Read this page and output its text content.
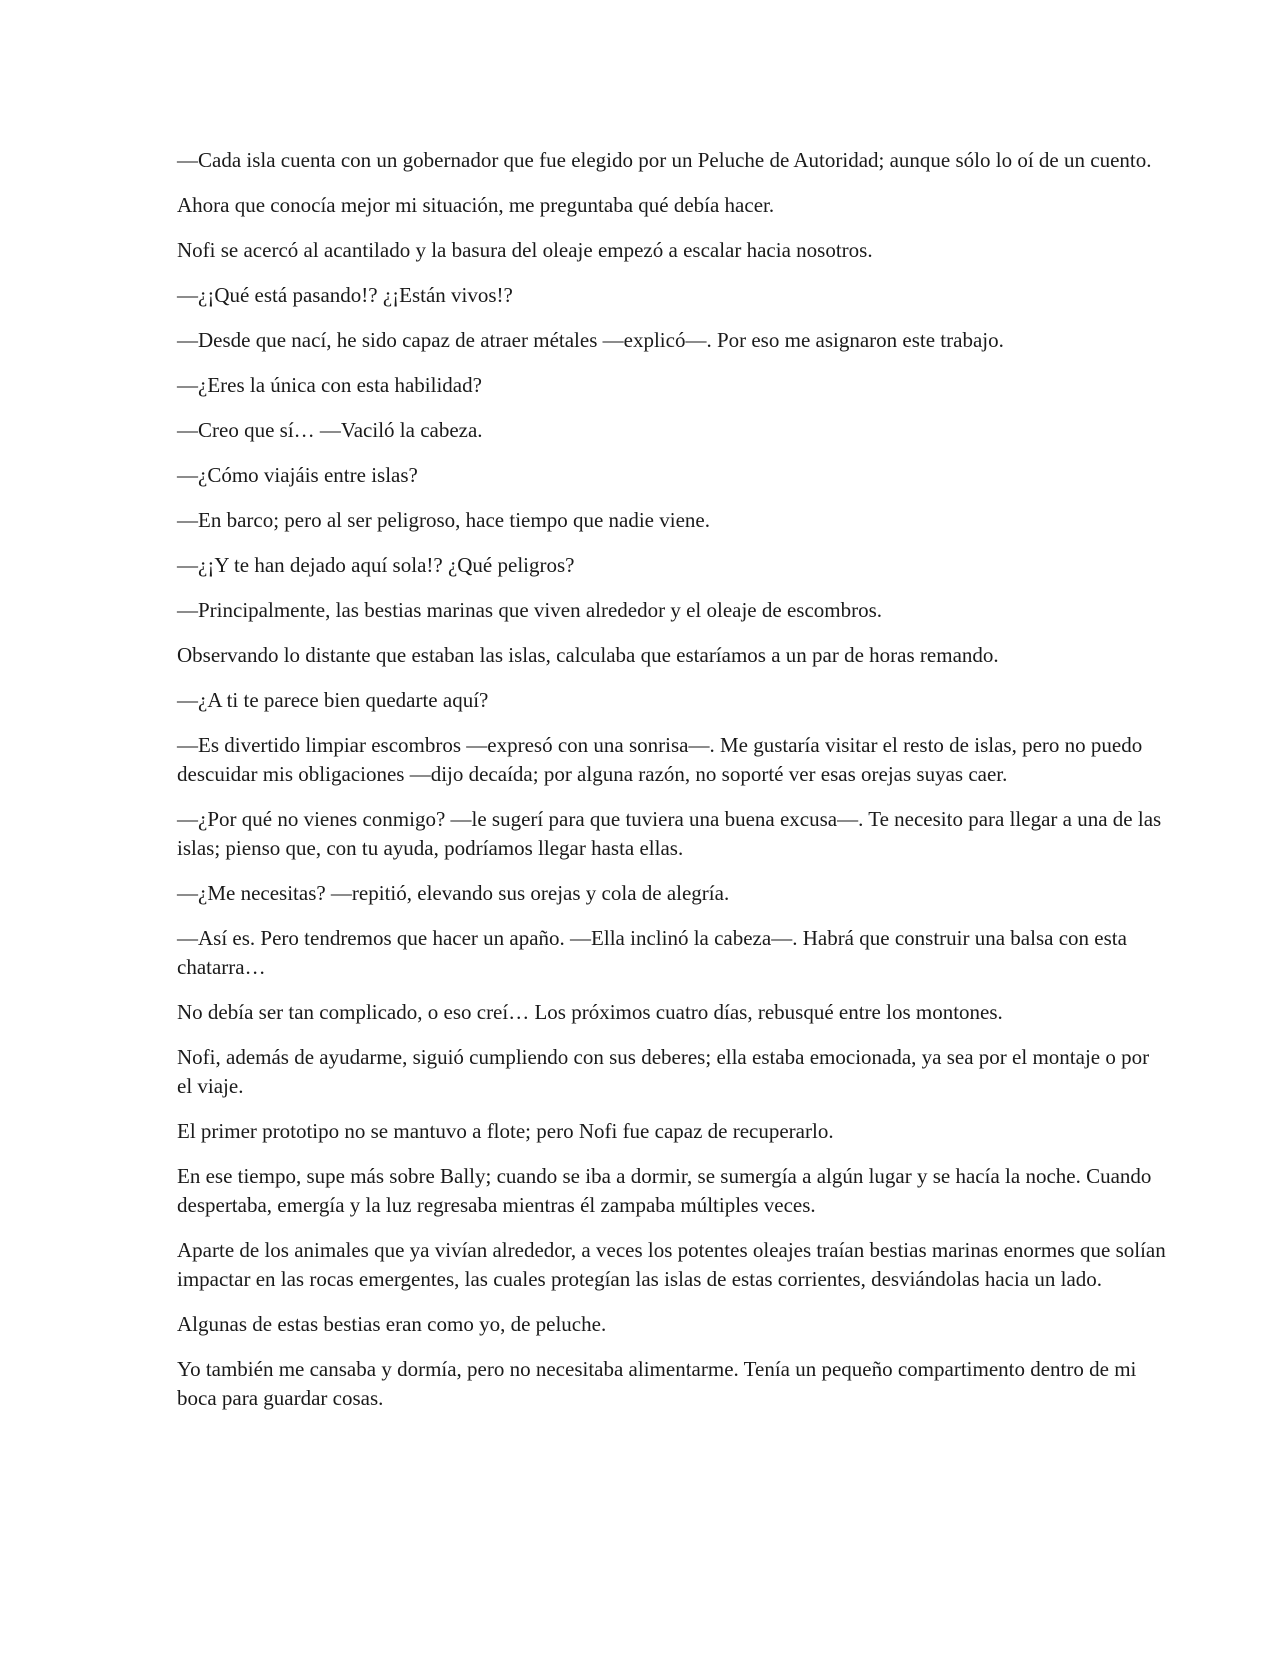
—Cada isla cuenta con un gobernador que fue elegido por un Peluche de Autoridad; aunque sólo lo oí de un cuento.

Ahora que conocía mejor mi situación, me preguntaba qué debía hacer.

Nofi se acercó al acantilado y la basura del oleaje empezó a escalar hacia nosotros.

—¿¡Qué está pasando!? ¿¡Están vivos!?

—Desde que nací, he sido capaz de atraer métales —explicó—. Por eso me asignaron este trabajo.

—¿Eres la única con esta habilidad?

—Creo que sí… —Vaciló la cabeza.

—¿Cómo viajáis entre islas?

—En barco; pero al ser peligroso, hace tiempo que nadie viene.

—¿¡Y te han dejado aquí sola!? ¿Qué peligros?

—Principalmente, las bestias marinas que viven alrededor y el oleaje de escombros.

Observando lo distante que estaban las islas, calculaba que estaríamos a un par de horas remando.

—¿A ti te parece bien quedarte aquí?

—Es divertido limpiar escombros —expresó con una sonrisa—. Me gustaría visitar el resto de islas, pero no puedo descuidar mis obligaciones —dijo decaída; por alguna razón, no soporté ver esas orejas suyas caer.

—¿Por qué no vienes conmigo? —le sugerí para que tuviera una buena excusa—. Te necesito para llegar a una de las islas; pienso que, con tu ayuda, podríamos llegar hasta ellas.

—¿Me necesitas? —repitió, elevando sus orejas y cola de alegría.

—Así es. Pero tendremos que hacer un apaño. —Ella inclinó la cabeza—. Habrá que construir una balsa con esta chatarra…

No debía ser tan complicado, o eso creí… Los próximos cuatro días, rebusqué entre los montones.

Nofi, además de ayudarme, siguió cumpliendo con sus deberes; ella estaba emocionada, ya sea por el montaje o por el viaje.

El primer prototipo no se mantuvo a flote; pero Nofi fue capaz de recuperarlo.

En ese tiempo, supe más sobre Bally; cuando se iba a dormir, se sumergía a algún lugar y se hacía la noche. Cuando despertaba, emergía y la luz regresaba mientras él zampaba múltiples veces.

Aparte de los animales que ya vivían alrededor, a veces los potentes oleajes traían bestias marinas enormes que solían impactar en las rocas emergentes, las cuales protegían las islas de estas corrientes, desviándolas hacia un lado.

Algunas de estas bestias eran como yo, de peluche.

Yo también me cansaba y dormía, pero no necesitaba alimentarme. Tenía un pequeño compartimento dentro de mi boca para guardar cosas.
